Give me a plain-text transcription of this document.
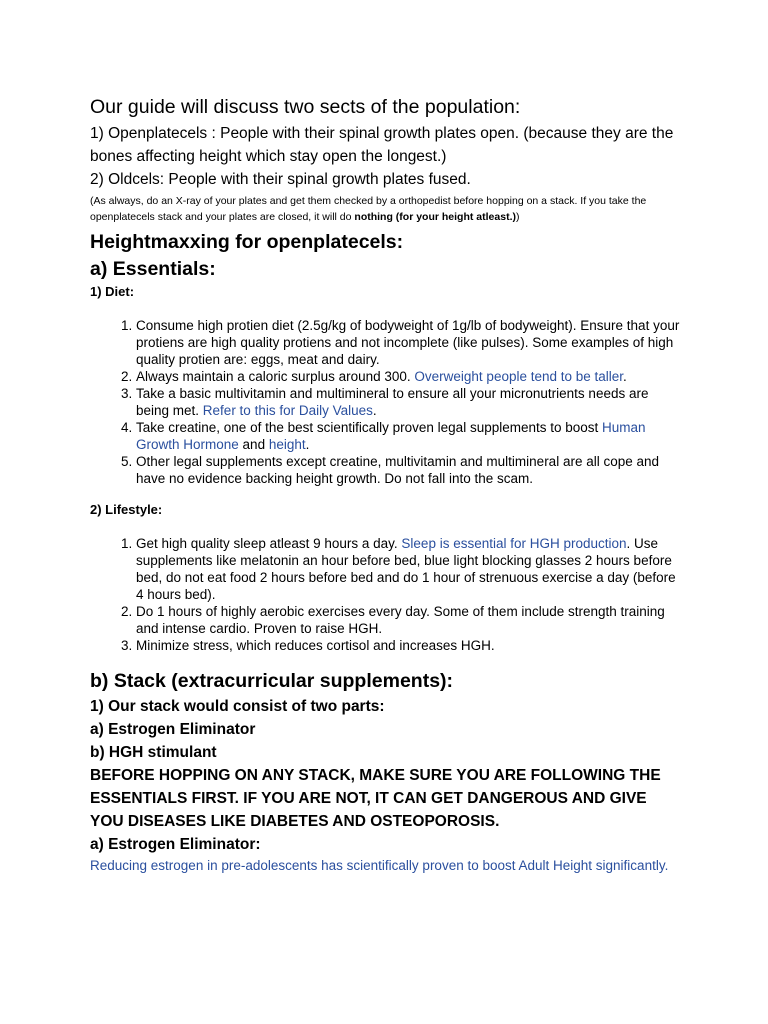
Our guide will discuss two sects of the population:

1) Openplatecels : People with their spinal growth plates open. (because they are the bones affecting height which stay open the longest.)

2) Oldcels: People with their spinal growth plates fused.

(As always, do an X-ray of your plates and get them checked by a orthopedist before hopping on a stack. If you take the openplatecels stack and your plates are closed, it will do nothing (for your height atleast.))

Heightmaxxing for openplatecels:
a) Essentials:
1) Diet:
1. Consume high protien diet (2.5g/kg of bodyweight of 1g/lb of bodyweight). Ensure that your protiens are high quality protiens and not incomplete (like pulses). Some examples of high quality protien are: eggs, meat and dairy.
2. Always maintain a caloric surplus around 300. Overweight people tend to be taller.
3. Take a basic multivitamin and multimineral to ensure all your micronutrients needs are being met. Refer to this for Daily Values.
4. Take creatine, one of the best scientifically proven legal supplements to boost Human Growth Hormone and height.
5. Other legal supplements except creatine, multivitamin and multimineral are all cope and have no evidence backing height growth. Do not fall into the scam.
2) Lifestyle:
1. Get high quality sleep atleast 9 hours a day. Sleep is essential for HGH production. Use supplements like melatonin an hour before bed, blue light blocking glasses 2 hours before bed, do not eat food 2 hours before bed and do 1 hour of strenuous exercise a day (before 4 hours bed).
2. Do 1 hours of highly aerobic exercises every day. Some of them include strength training and intense cardio. Proven to raise HGH.
3. Minimize stress, which reduces cortisol and increases HGH.
b) Stack (extracurricular supplements):

1) Our stack would consist of two parts:

a) Estrogen Eliminator

b) HGH stimulant

BEFORE HOPPING ON ANY STACK, MAKE SURE YOU ARE FOLLOWING THE ESSENTIALS FIRST. IF YOU ARE NOT, IT CAN GET DANGEROUS AND GIVE YOU DISEASES LIKE DIABETES AND OSTEOPOROSIS.

a) Estrogen Eliminator:

Reducing estrogen in pre-adolescents has scientifically proven to boost Adult Height significantly.
